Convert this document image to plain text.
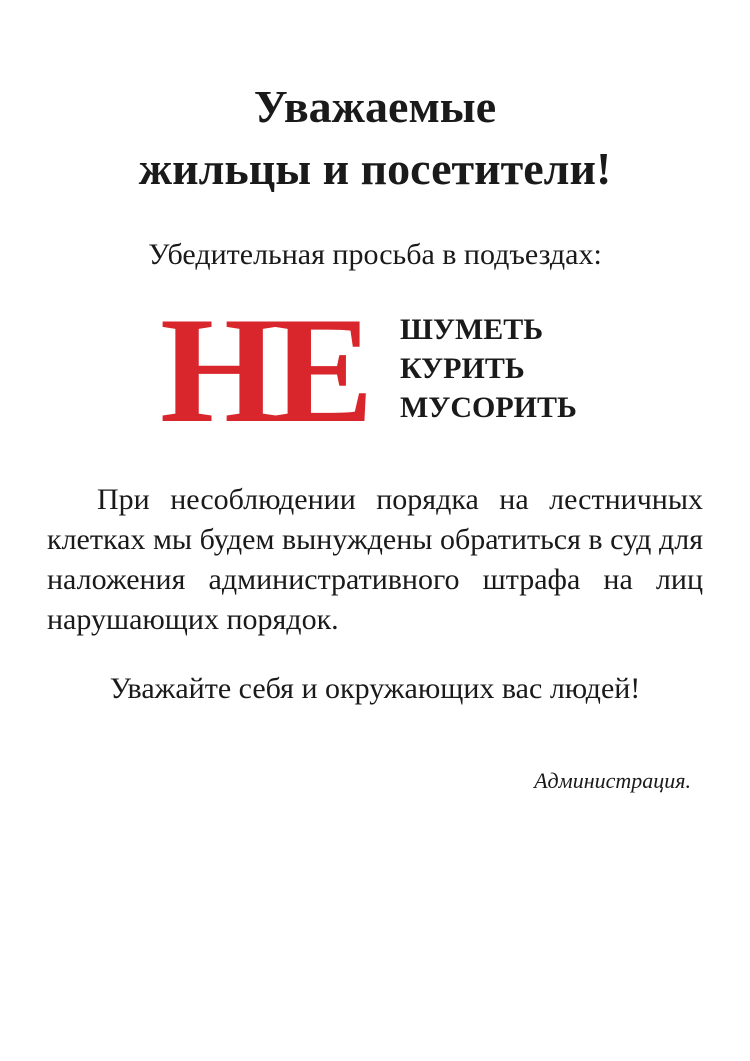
Уважаемые
жильцы и посетители!

Убедительная просьба в подъездах:

НЕ ШУМЕТЬ
КУРИТЬ
МУСОРИТЬ

При несоблюдении порядка на лестничных клетках мы будем вынуждены обратиться в суд для наложения административного штрафа на лиц нарушающих порядок.

Уважайте себя и окружающих вас людей!

Администрация.
